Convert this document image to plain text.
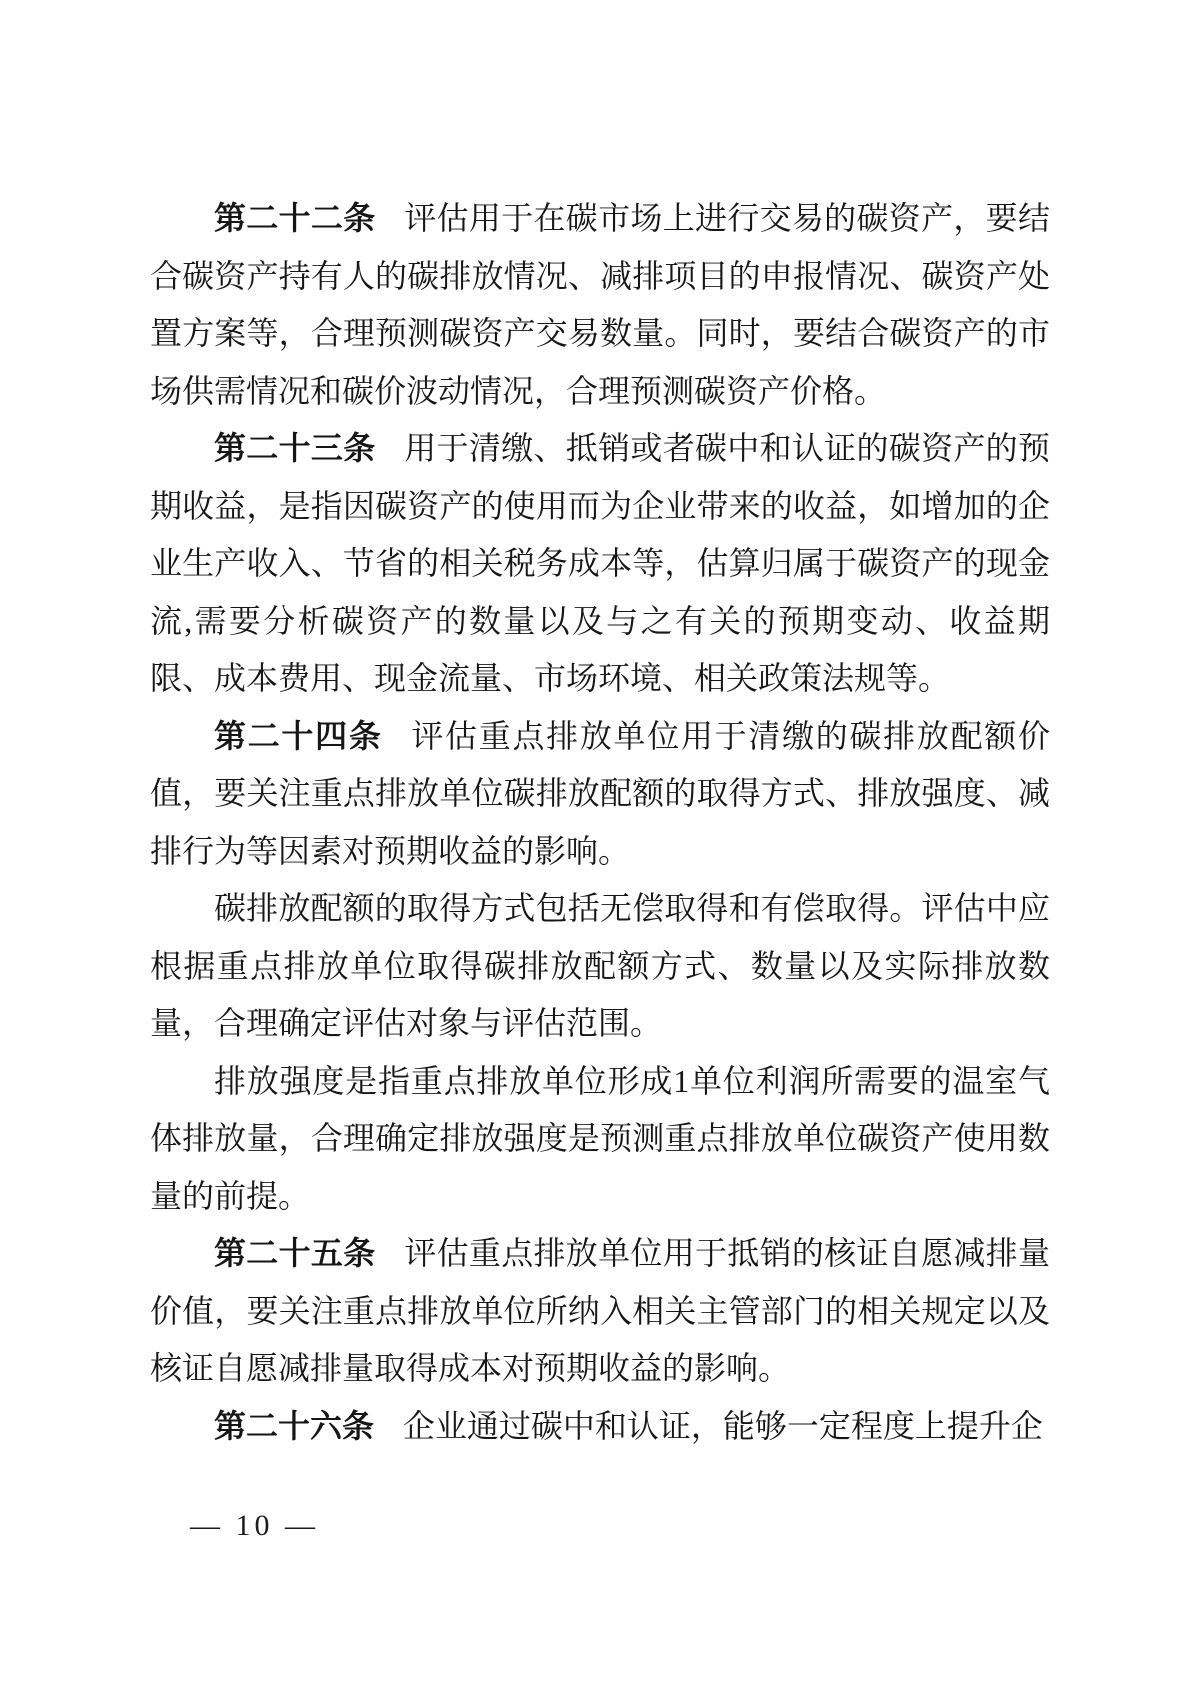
第二十二条 评估用于在碳市场上进行交易的碳资产，要结合碳资产持有人的碳排放情况、减排项目的申报情况、碳资产处置方案等，合理预测碳资产交易数量。同时，要结合碳资产的市场供需情况和碳价波动情况，合理预测碳资产价格。

第二十三条 用于清缴、抵销或者碳中和认证的碳资产的预期收益，是指因碳资产的使用而为企业带来的收益，如增加的企业生产收入、节省的相关税务成本等，估算归属于碳资产的现金流,需要分析碳资产的数量以及与之有关的预期变动、收益期限、成本费用、现金流量、市场环境、相关政策法规等。

第二十四条 评估重点排放单位用于清缴的碳排放配额价值，要关注重点排放单位碳排放配额的取得方式、排放强度、减排行为等因素对预期收益的影响。

碳排放配额的取得方式包括无偿取得和有偿取得。评估中应根据重点排放单位取得碳排放配额方式、数量以及实际排放数量，合理确定评估对象与评估范围。

排放强度是指重点排放单位形成1单位利润所需要的温室气体排放量，合理确定排放强度是预测重点排放单位碳资产使用数量的前提。

第二十五条 评估重点排放单位用于抵销的核证自愿减排量价值，要关注重点排放单位所纳入相关主管部门的相关规定以及核证自愿减排量取得成本对预期收益的影响。

第二十六条 企业通过碳中和认证，能够一定程度上提升企

— 10 —
